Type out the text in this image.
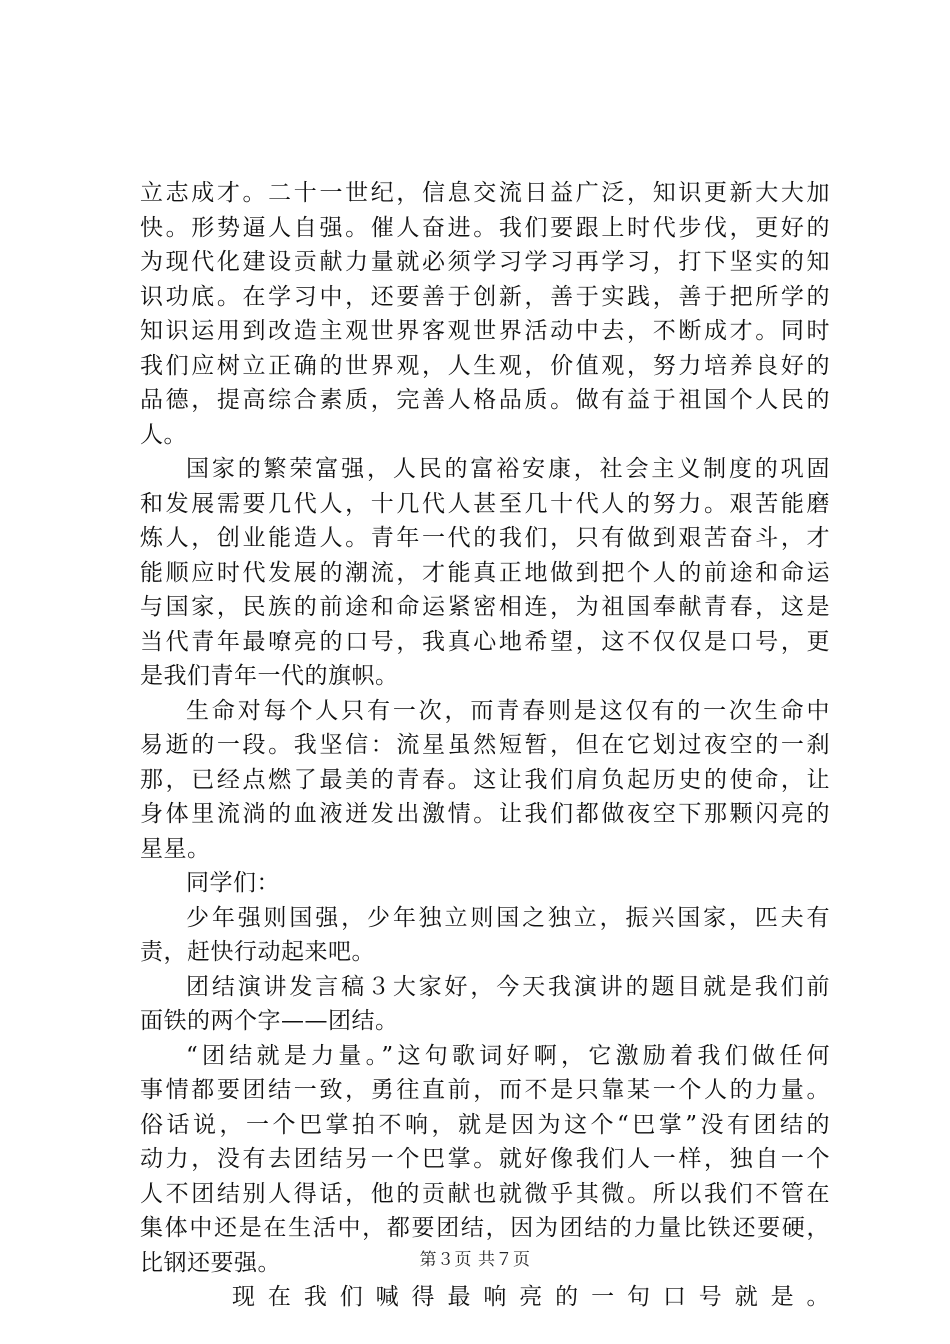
立志成才。二十一世纪，信息交流日益广泛，知识更新大大加
快。形势逼人自强。催人奋进。我们要跟上时代步伐，更好的
为现代化建设贡献力量就必须学习学习再学习，打下坚实的知
识功底。在学习中，还要善于创新，善于实践，善于把所学的
知识运用到改造主观世界客观世界活动中去，不断成才。同时
我们应树立正确的世界观，人生观，价值观，努力培养良好的
品德，提高综合素质，完善人格品质。做有益于祖国个人民的
人。
国家的繁荣富强，人民的富裕安康，社会主义制度的巩固
和发展需要几代人，十几代人甚至几十代人的努力。艰苦能磨
炼人，创业能造人。青年一代的我们，只有做到艰苦奋斗，才
能顺应时代发展的潮流，才能真正地做到把个人的前途和命运
与国家，民族的前途和命运紧密相连，为祖国奉献青春，这是
当代青年最嘹亮的口号，我真心地希望，这不仅仅是口号，更
是我们青年一代的旗帜。
生命对每个人只有一次，而青春则是这仅有的一次生命中
易逝的一段。我坚信：流星虽然短暂，但在它划过夜空的一刹
那，已经点燃了最美的青春。这让我们肩负起历史的使命，让
身体里流淌的血液迸发出激情。让我们都做夜空下那颗闪亮的
星星。
同学们：
少年强则国强，少年独立则国之独立，振兴国家，匹夫有
责，赶快行动起来吧。
团结演讲发言稿３大家好，今天我演讲的题目就是我们前
面铁的两个字——团结。
“团结就是力量。”这句歌词好啊，它激励着我们做任何
事情都要团结一致，勇往直前，而不是只靠某一个人的力量。
俗话说，一个巴掌拍不响，就是因为这个“巴掌”没有团结的
动力，没有去团结另一个巴掌。就好像我们人一样，独自一个
人不团结别人得话，他的贡献也就微乎其微。所以我们不管在
集体中还是在生活中，都要团结，因为团结的力量比铁还要硬，
比钢还要强。
现在我们喊得最响亮的一句口号就是。
第３页 共７页
